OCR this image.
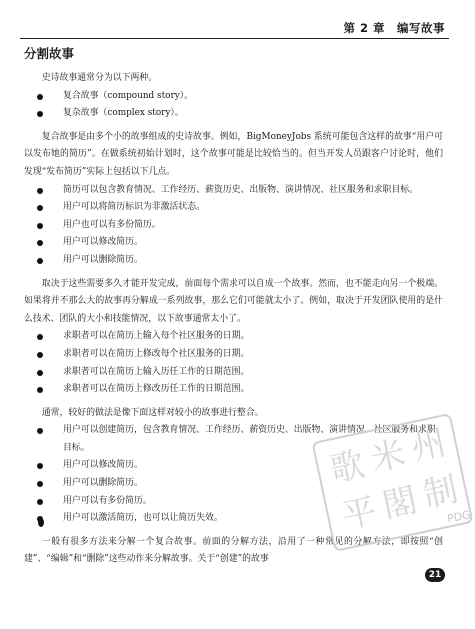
第 2 章　编写故事
分割故事

史诗故事通常分为以下两种。

复合故事（compound story）。
复杂故事（complex story）。

复合故事是由多个小的故事组成的史诗故事。例如，BigMoneyJobs 系统可能包含这样的故事“用户可以发布她的简历”。在做系统初始计划时，这个故事可能是比较恰当的。但当开发人员跟客户讨论时，他们发现“发布简历”实际上包括以下几点。

简历可以包含教育情况、工作经历、薪资历史、出版物、演讲情况、社区服务和求职目标。
用户可以将简历标识为非激活状态。
用户也可以有多份简历。
用户可以修改简历。
用户可以删除简历。

取决于这些需要多久才能开发完成，前面每个需求可以自成一个故事。然而，也不能走向另一个极端。如果将并不那么大的故事再分解成一系列故事，那么它们可能就太小了。例如，取决于开发团队使用的是什么技术、团队的大小和技能情况，以下故事通常太小了。

求职者可以在简历上输入每个社区服务的日期。
求职者可以在简历上修改每个社区服务的日期。
求职者可以在简历上输入历任工作的日期范围。
求职者可以在简历上修改历任工作的日期范围。

通常，较好的做法是像下面这样对较小的故事进行整合。

用户可以创建简历，包含教育情况、工作经历、薪资历史、出版物、演讲情况、社区服务和求职目标。
用户可以修改简历。
用户可以删除简历。
用户可以有多份简历。
用户可以激活简历，也可以让简历失效。

一般有很多方法来分解一个复合故事。前面的分解方法，沿用了一种常见的分解方法，即按照“创建”、“编辑”和“删除”这些动作来分解故事。关于“创建”的故事

歌 米 州
平 閣 制
PDG
21
